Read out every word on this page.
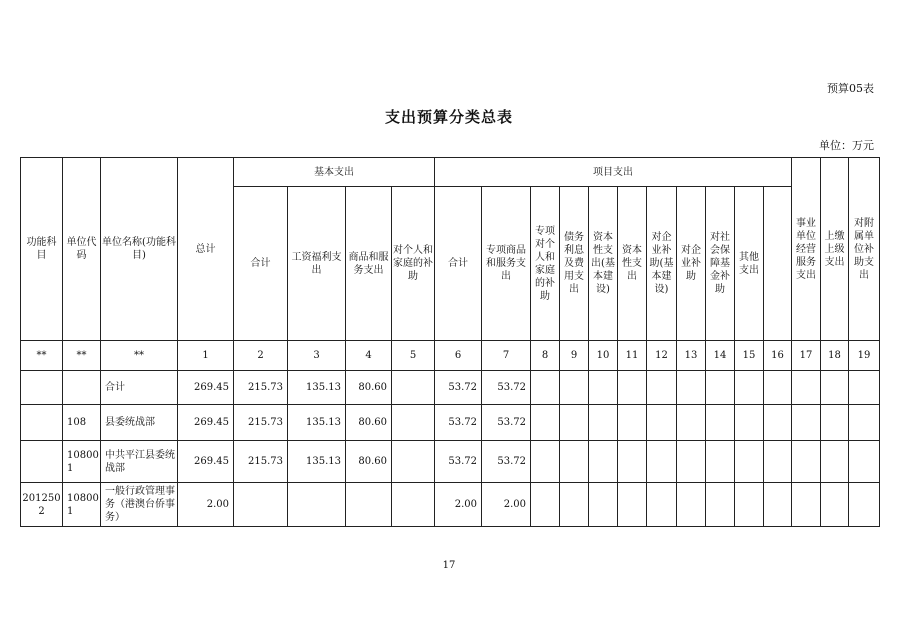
预算05表
支出预算分类总表
单位：万元
功能科目	单位代码	单位名称(功能科目)	总计	基本支出				项目支出											事业单位经营服务支出	上缴上级支出	对附属单位补助支出	
				合计	工资福利支出	商品和服务支出	对个人和家庭的补助	合计	专项商品和服务支出	专项对个人和家庭的补助	债务利息及费用支出	资本性支出(基本建设)	资本性支出	对企业补助(基本建设)	对企业补助	对社会保障基金补助	其他支出					
**	**	**	1	2	3	4	5	6	7	8	9	10	11	12	13	14	15	16	17	18	19	
		合计	269.45	215.73	135.13	80.60		53.72	53.72													
	108	县委统战部	269.45	215.73	135.13	80.60		53.72	53.72													
	108001	中共平江县委统战部	269.45	215.73	135.13	80.60		53.72	53.72													
2012502	108001	一般行政管理事务（港澳台侨事务）	2.00					2.00	2.00													
17
